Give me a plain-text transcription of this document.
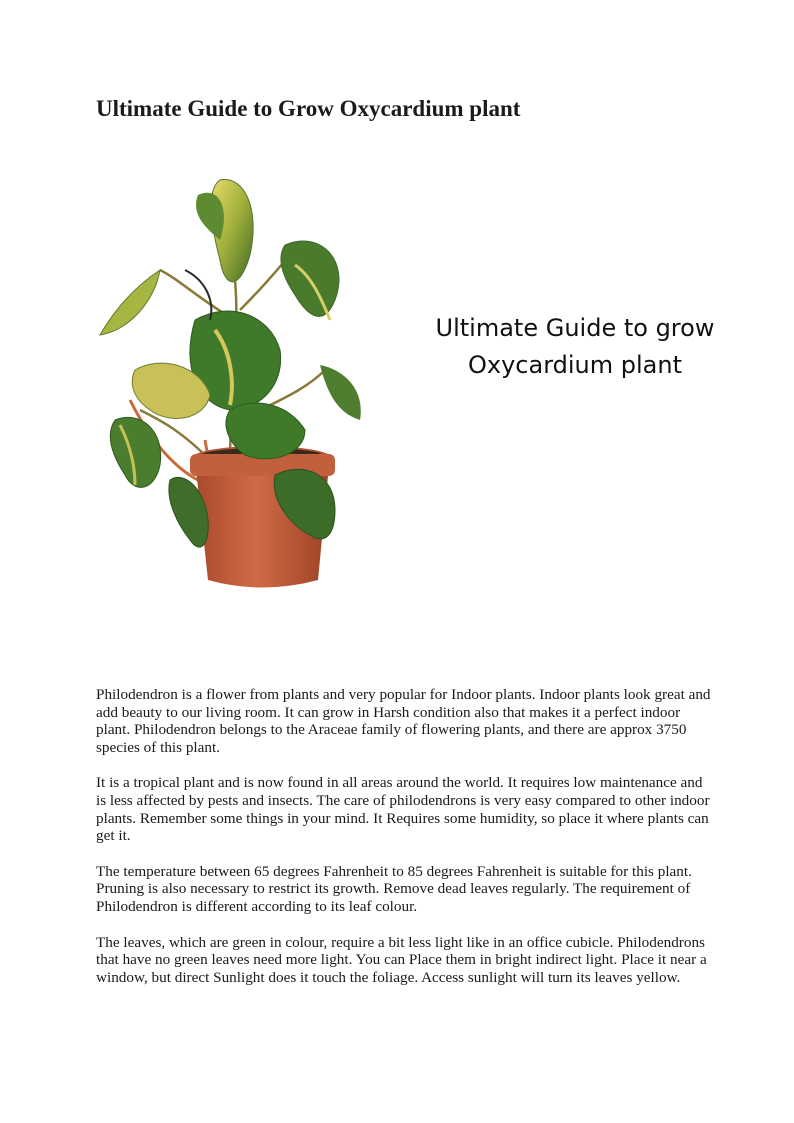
Ultimate Guide to Grow Oxycardium plant
Ultimate Guide to grow Oxycardium plant

Philodendron is a flower from plants and very popular for Indoor plants. Indoor plants look great and add beauty to our living room. It can grow in Harsh condition also that makes it a perfect indoor plant. Philodendron belongs to the Araceae family of flowering plants, and there are approx 3750 species of this plant.

It is a tropical plant and is now found in all areas around the world. It requires low maintenance and is less affected by pests and insects. The care of philodendrons is very easy compared to other indoor plants. Remember some things in your mind. It Requires some humidity, so place it where plants can get it.

The temperature between 65 degrees Fahrenheit to 85 degrees Fahrenheit is suitable for this plant. Pruning is also necessary to restrict its growth. Remove dead leaves regularly. The requirement of Philodendron is different according to its leaf colour.

The leaves, which are green in colour, require a bit less light like in an office cubicle. Philodendrons that have no green leaves need more light. You can Place them in bright indirect light. Place it near a window, but direct Sunlight does it touch the foliage. Access sunlight will turn its leaves yellow.
